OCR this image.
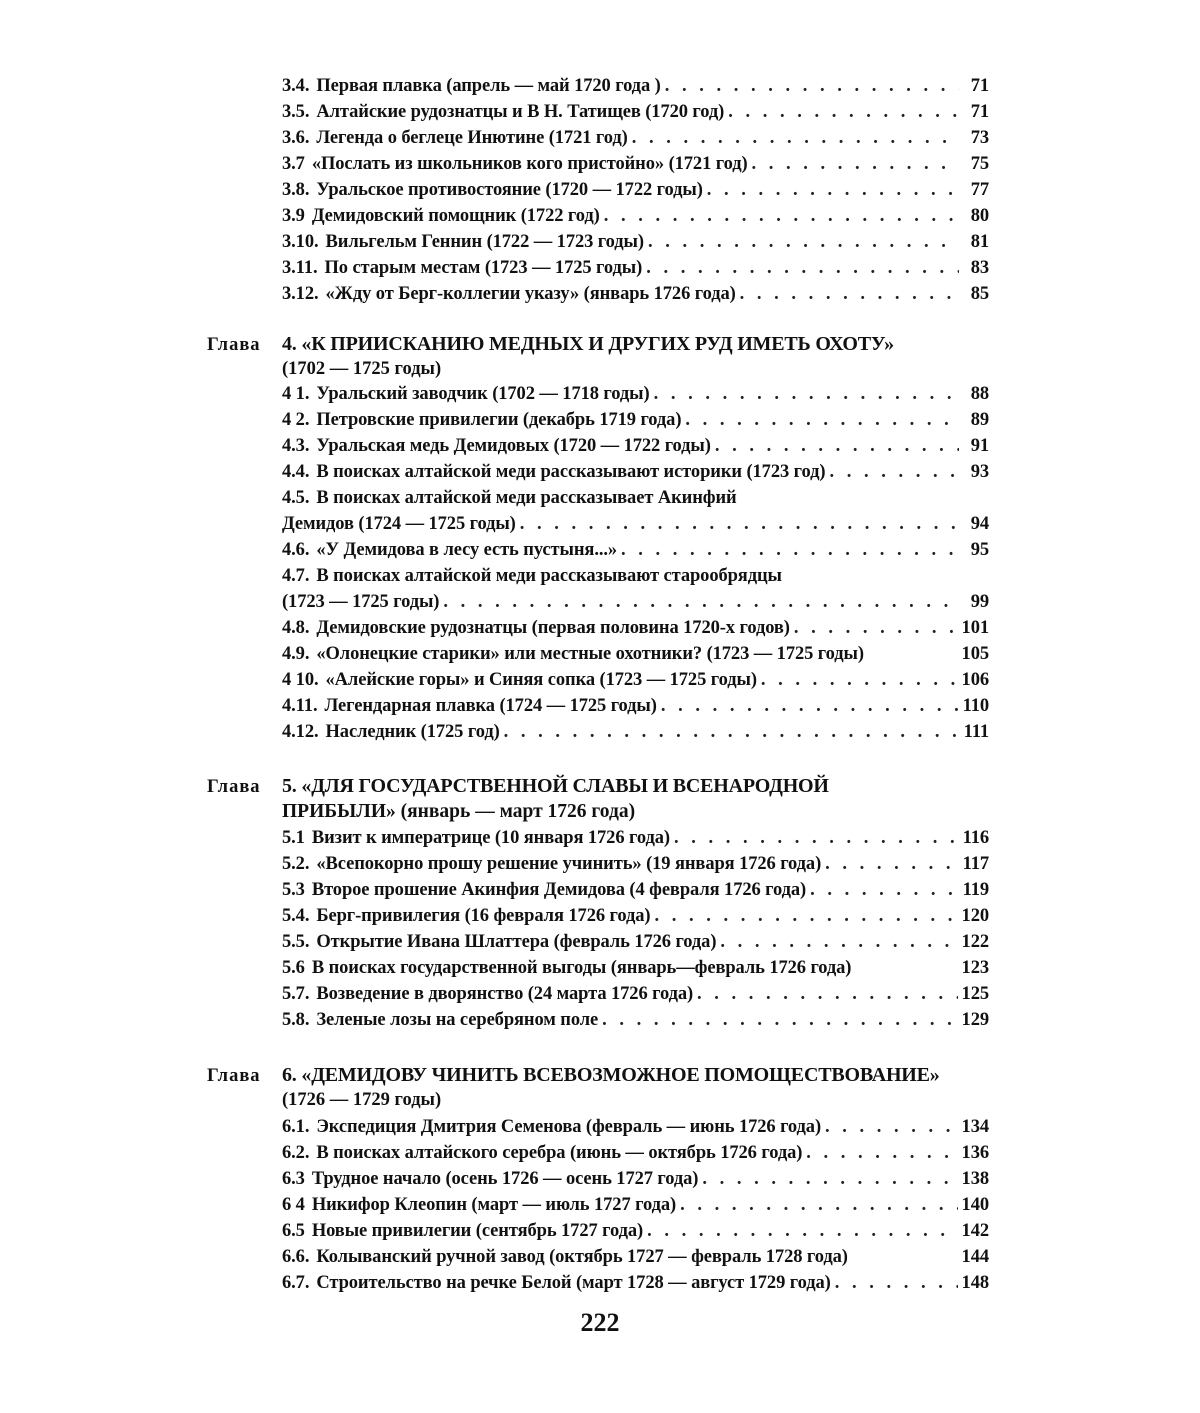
3.4. Первая плавка (апрель — май 1720 года ) . . .	71
3.5. Алтайские рудознатцы и В Н. Татищев (1720 год) . . .	71
3.6. Легенда о беглеце Инютине (1721 год) . . .	73
3.7 «Послать из школьников кого пристойно» (1721 год) . . .	75
3.8. Уральское противостояние (1720 — 1722 годы) . . .	77
3.9 Демидовский помощник (1722 год) . . .	80
3.10. Вильгельм Геннин (1722 — 1723 годы) . . .	81
3.11. По старым местам (1723 — 1725 годы) . . .	83
3.12. «Жду от Берг-коллегии указу» (январь 1726 года) . . .	85
Глава 4. «К ПРИИСКАНИЮ МЕДНЫХ И ДРУГИХ РУД ИМЕТЬ ОХОТУ»
(1702 — 1725 годы)
4 1. Уральский заводчик (1702 — 1718 годы) . . .	88
4 2. Петровские привилегии (декабрь 1719 года) . . .	89
4.3. Уральская медь Демидовых (1720 — 1722 годы) . . .	91
4.4. В поисках алтайской меди рассказывают историки (1723 год) . . .	93
4.5. В поисках алтайской меди рассказывает Акинфий
Демидов (1724 — 1725 годы) . . .	94
4.6. «У Демидова в лесу есть пустыня...» . . .	95
4.7. В поисках алтайской меди рассказывают старообрядцы
(1723 — 1725 годы) . . .	99
4.8. Демидовские рудознатцы (первая половина 1720-х годов) . . .	101
4.9. «Олонецкие старики» или местные охотники? (1723 — 1725 годы)	105
4 10. «Алейские горы» и Синяя сопка (1723 — 1725 годы) . . .	106
4.11. Легендарная плавка (1724 — 1725 годы) . . .	110
4.12. Наследник (1725 год) . . .	111
Глава 5. «ДЛЯ ГОСУДАРСТВЕННОЙ СЛАВЫ И ВСЕНАРОДНОЙ
ПРИБЫЛИ» (январь — март 1726 года)
5.1 Визит к императрице (10 января 1726 года) . . .	116
5.2. «Всепокорно прошу решение учинить» (19 января 1726 года) . . .	117
5.3 Второе прошение Акинфия Демидова (4 февраля 1726 года) . . .	119
5.4. Берг-привилегия (16 февраля 1726 года) . . .	120
5.5. Открытие Ивана Шлаттера (февраль 1726 года) . . .	122
5.6 В поисках государственной выгоды (январь—февраль 1726 года)	123
5.7. Возведение в дворянство (24 марта 1726 года) . . .	125
5.8. Зеленые лозы на серебряном поле . . .	129
Глава 6. «ДЕМИДОВУ ЧИНИТЬ ВСЕВОЗМОЖНОЕ ПОМОЩЕСТВОВАНИЕ»
(1726 — 1729 годы)
6.1. Экспедиция Дмитрия Семенова (февраль — июнь 1726 года) . . .	134
6.2. В поисках алтайского серебра (июнь — октябрь 1726 года) . . .	136
6.3 Трудное начало (осень 1726 — осень 1727 года) . . .	138
6 4 Никифор Клеопин (март — июль 1727 года) . . .	140
6.5 Новые привилегии (сентябрь 1727 года) . . .	142
6.6. Колыванский ручной завод (октябрь 1727 — февраль 1728 года)	144
6.7. Строительство на речке Белой (март 1728 — август 1729 года) . . .	148
222
